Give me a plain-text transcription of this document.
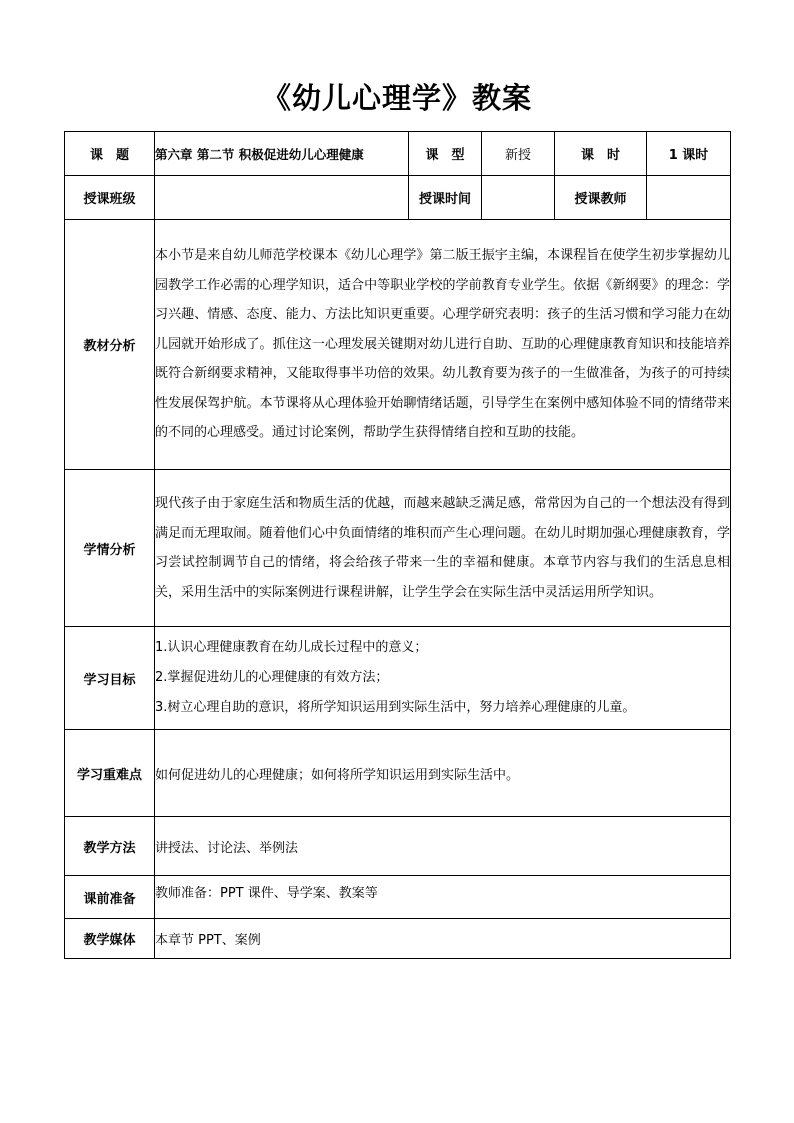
《幼儿心理学》教案
课　题	第六章 第二节 积极促进幼儿心理健康	课　型	新授	课　时	1 课时
授课班级		授课时间		授课教师	
教材分析	本小节是来自幼儿师范学校课本《幼儿心理学》第二版王振宇主编，本课程旨在使学生初步掌握幼儿园教学工作必需的心理学知识，适合中等职业学校的学前教育专业学生。依据《新纲要》的理念：学习兴趣、情感、态度、能力、方法比知识更重要。心理学研究表明：孩子的生活习惯和学习能力在幼儿园就开始形成了。抓住这一心理发展关键期对幼儿进行自助、互助的心理健康教育知识和技能培养既符合新纲要求精神，又能取得事半功倍的效果。幼儿教育要为孩子的一生做准备，为孩子的可持续性发展保驾护航。本节课将从心理体验开始聊情绪话题，引导学生在案例中感知体验不同的情绪带来的不同的心理感受。通过讨论案例，帮助学生获得情绪自控和互助的技能。				
学情分析	现代孩子由于家庭生活和物质生活的优越，而越来越缺乏满足感，常常因为自己的一个想法没有得到满足而无理取闹。随着他们心中负面情绪的堆积而产生心理问题。在幼儿时期加强心理健康教育，学习尝试控制调节自己的情绪，将会给孩子带来一生的幸福和健康。本章节内容与我们的生活息息相关，采用生活中的实际案例进行课程讲解，让学生学会在实际生活中灵活运用所学知识。				
学习目标	1.认识心理健康教育在幼儿成长过程中的意义；
2.掌握促进幼儿的心理健康的有效方法；
3.树立心理自助的意识，将所学知识运用到实际生活中，努力培养心理健康的儿童。				

学习重难点	如何促进幼儿的心理健康；如何将所学知识运用到实际生活中。				
教学方法	讲授法、讨论法、举例法				
课前准备	教师准备：PPT 课件、导学案、教案等				
教学媒体	本章节 PPT、案例				
